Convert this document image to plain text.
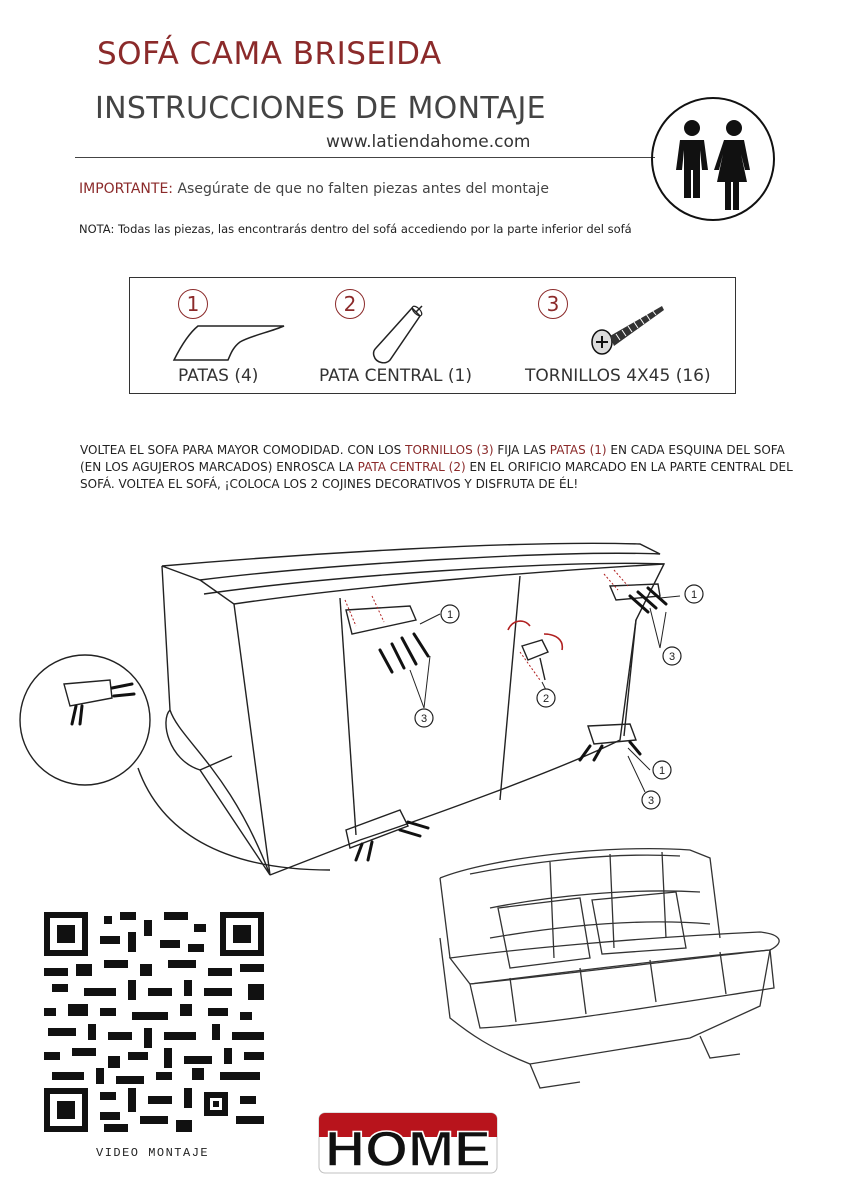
SOFÁ CAMA BRISEIDA
INSTRUCCIONES DE MONTAJE
www.latiendahome.com
IMPORTANTE: Asegúrate de que no falten piezas antes del montaje
NOTA: Todas las piezas, las encontrarás dentro del sofá accediendo por la parte inferior del sofá
1
PATAS (4)
2
PATA CENTRAL (1)
3
TORNILLOS 4X45 (16)
VOLTEA EL SOFA PARA MAYOR COMODIDAD. CON LOS TORNILLOS (3) FIJA LAS PATAS (1) EN CADA ESQUINA DEL SOFA (EN LOS AGUJEROS MARCADOS) ENROSCA LA PATA CENTRAL (2) EN EL ORIFICIO MARCADO EN LA PARTE CENTRAL DEL SOFÁ. VOLTEA EL SOFÁ, ¡COLOCA LOS 2 COJINES DECORATIVOS Y DISFRUTA DE ÉL!
1
1
1
2
3
3
3
VIDEO MONTAJE HOME
